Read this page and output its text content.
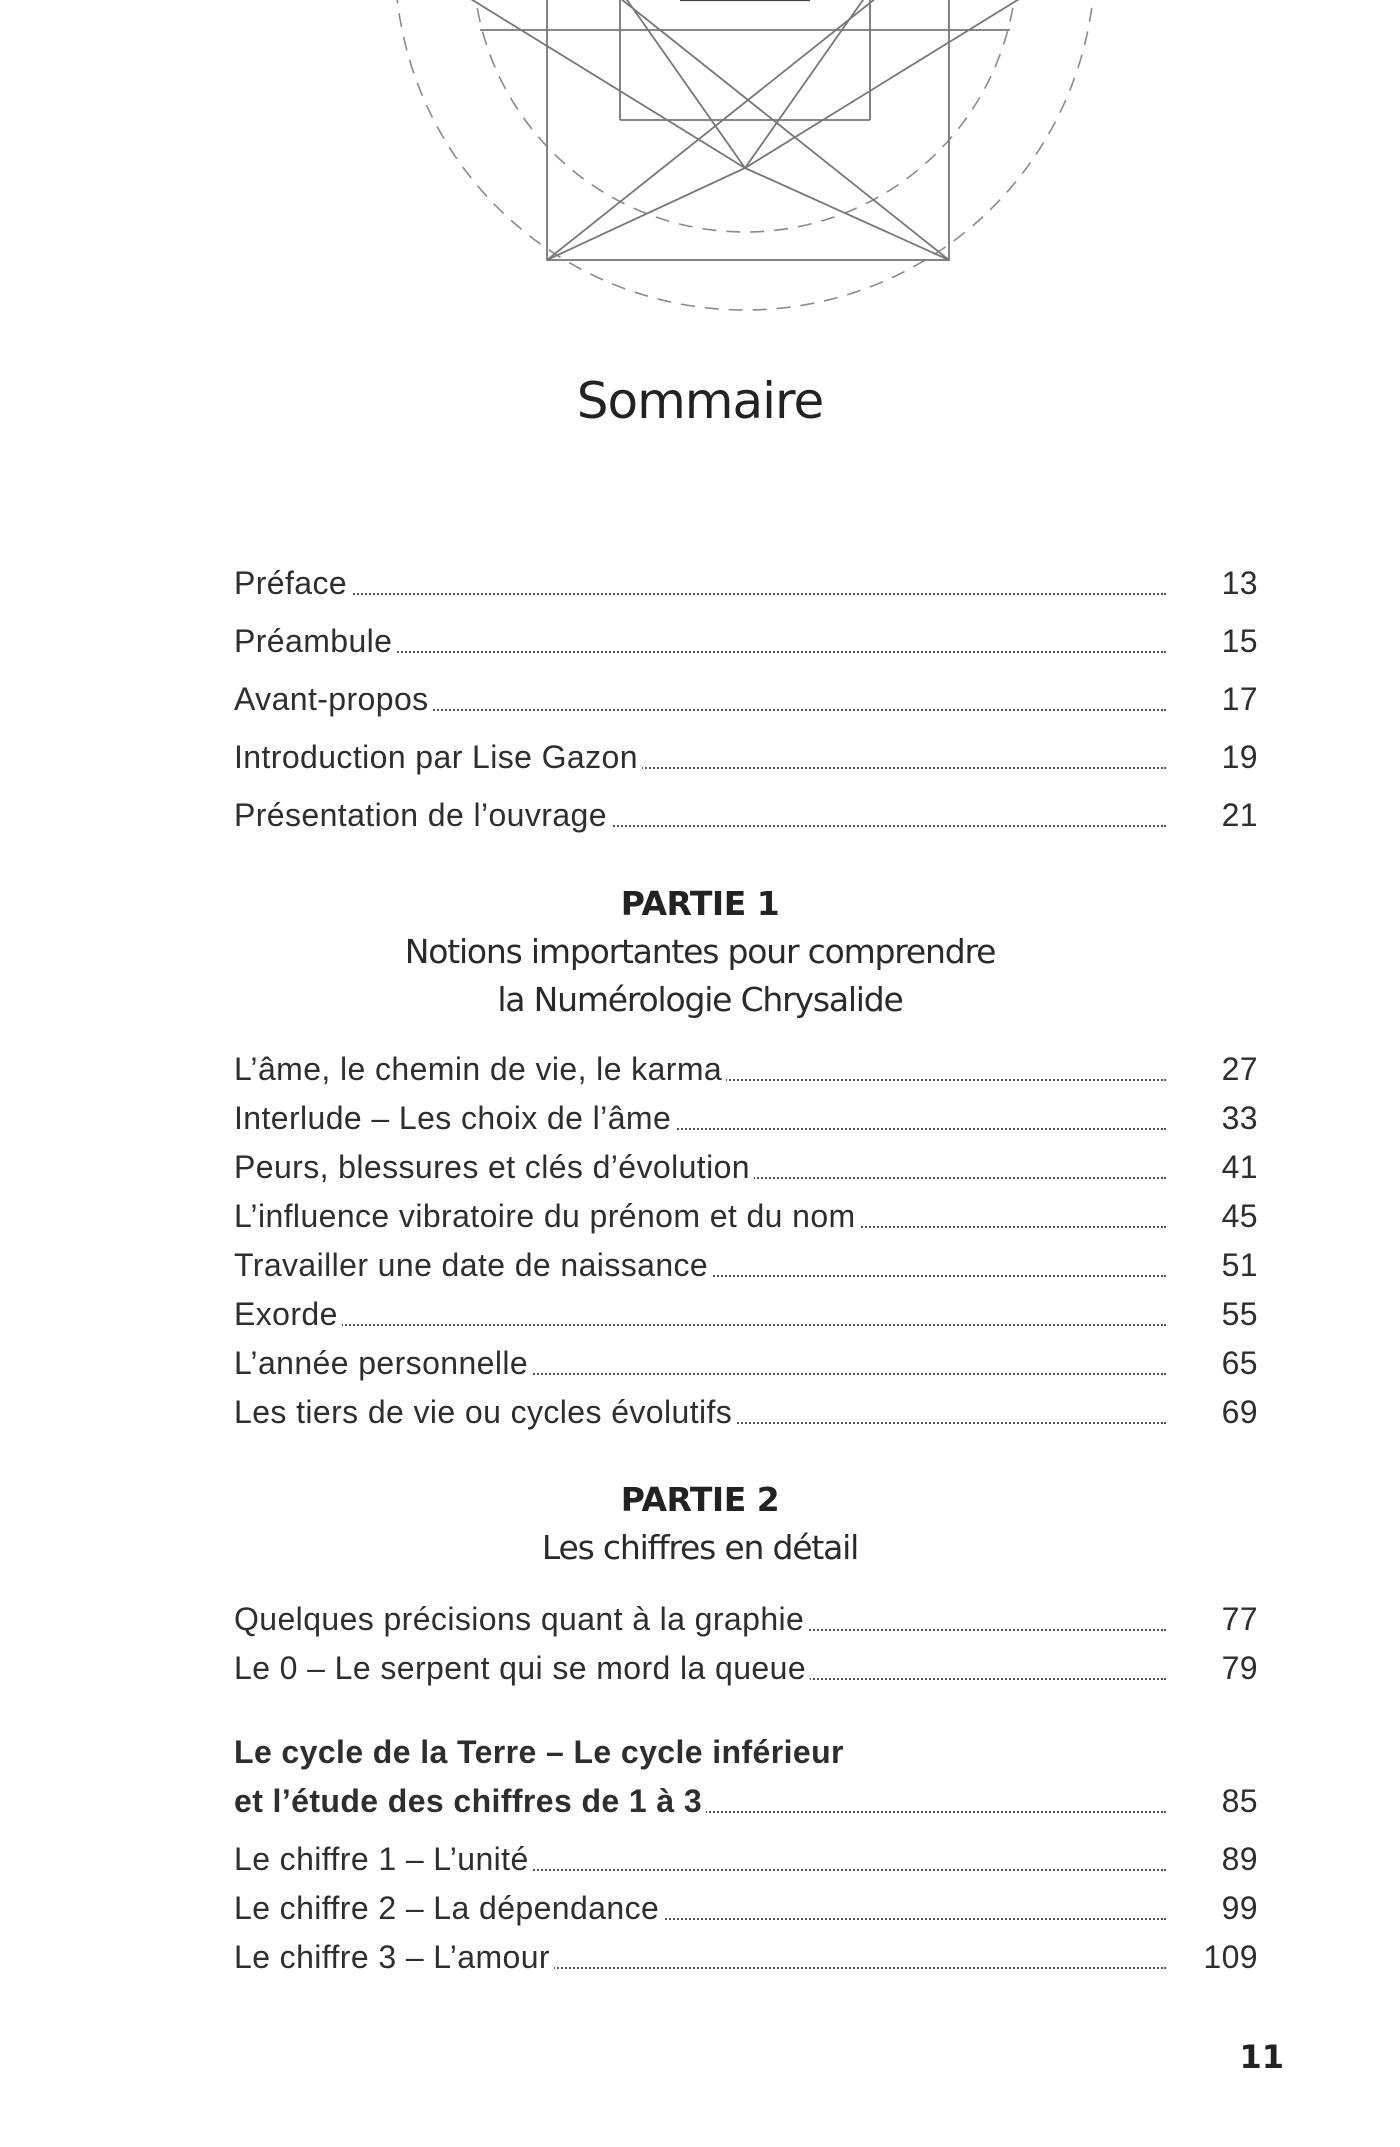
Sommaire
Préface	13
Préambule	15
Avant-propos	17
Introduction par Lise Gazon	19
Présentation de l’ouvrage	21
PARTIE 1
Notions importantes pour comprendre
la Numérologie Chrysalide
L’âme, le chemin de vie, le karma	27
Interlude – Les choix de l’âme	33
Peurs, blessures et clés d’évolution	41
L’influence vibratoire du prénom et du nom	45
Travailler une date de naissance	51
Exorde	55
L’année personnelle	65
Les tiers de vie ou cycles évolutifs	69
PARTIE 2
Les chiffres en détail
Quelques précisions quant à la graphie	77
Le 0 – Le serpent qui se mord la queue	79
Le cycle de la Terre – Le cycle inférieur
et l’étude des chiffres de 1 à 3	85
Le chiffre 1 – L’unité	89
Le chiffre 2 – La dépendance	99
Le chiffre 3 – L’amour	109
11
